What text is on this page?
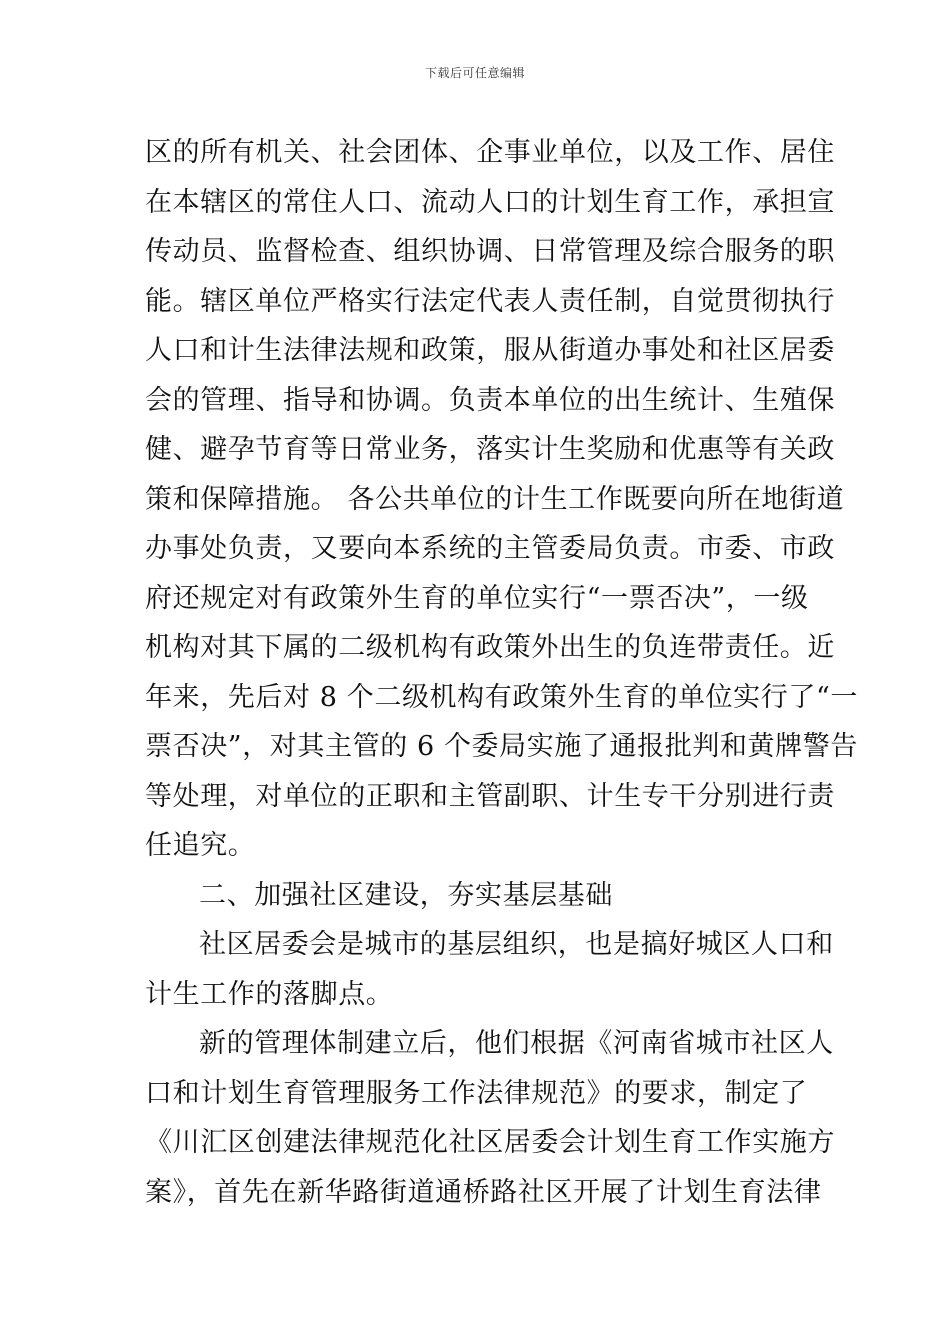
下载后可任意编辑
区的所有机关、社会团体、企事业单位，以及工作、居住
在本辖区的常住人口、流动人口的计划生育工作，承担宣
传动员、监督检查、组织协调、日常管理及综合服务的职
能。辖区单位严格实行法定代表人责任制，自觉贯彻执行
人口和计生法律法规和政策，服从街道办事处和社区居委
会的管理、指导和协调。负责本单位的出生统计、生殖保
健、避孕节育等日常业务，落实计生奖励和优惠等有关政
策和保障措施。 各公共单位的计生工作既要向所在地街道
办事处负责，又要向本系统的主管委局负责。市委、市政
府还规定对有政策外生育的单位实行“一票否决”，一级
机构对其下属的二级机构有政策外出生的负连带责任。近
年来，先后对 8 个二级机构有政策外生育的单位实行了“一
票否决”，对其主管的 6 个委局实施了通报批判和黄牌警告
等处理，对单位的正职和主管副职、计生专干分别进行责
任追究。
二、加强社区建设，夯实基层基础
社区居委会是城市的基层组织，也是搞好城区人口和
计生工作的落脚点。
新的管理体制建立后，他们根据《河南省城市社区人
口和计划生育管理服务工作法律规范》的要求，制定了
《川汇区创建法律规范化社区居委会计划生育工作实施方
案》，首先在新华路街道通桥路社区开展了计划生育法律
